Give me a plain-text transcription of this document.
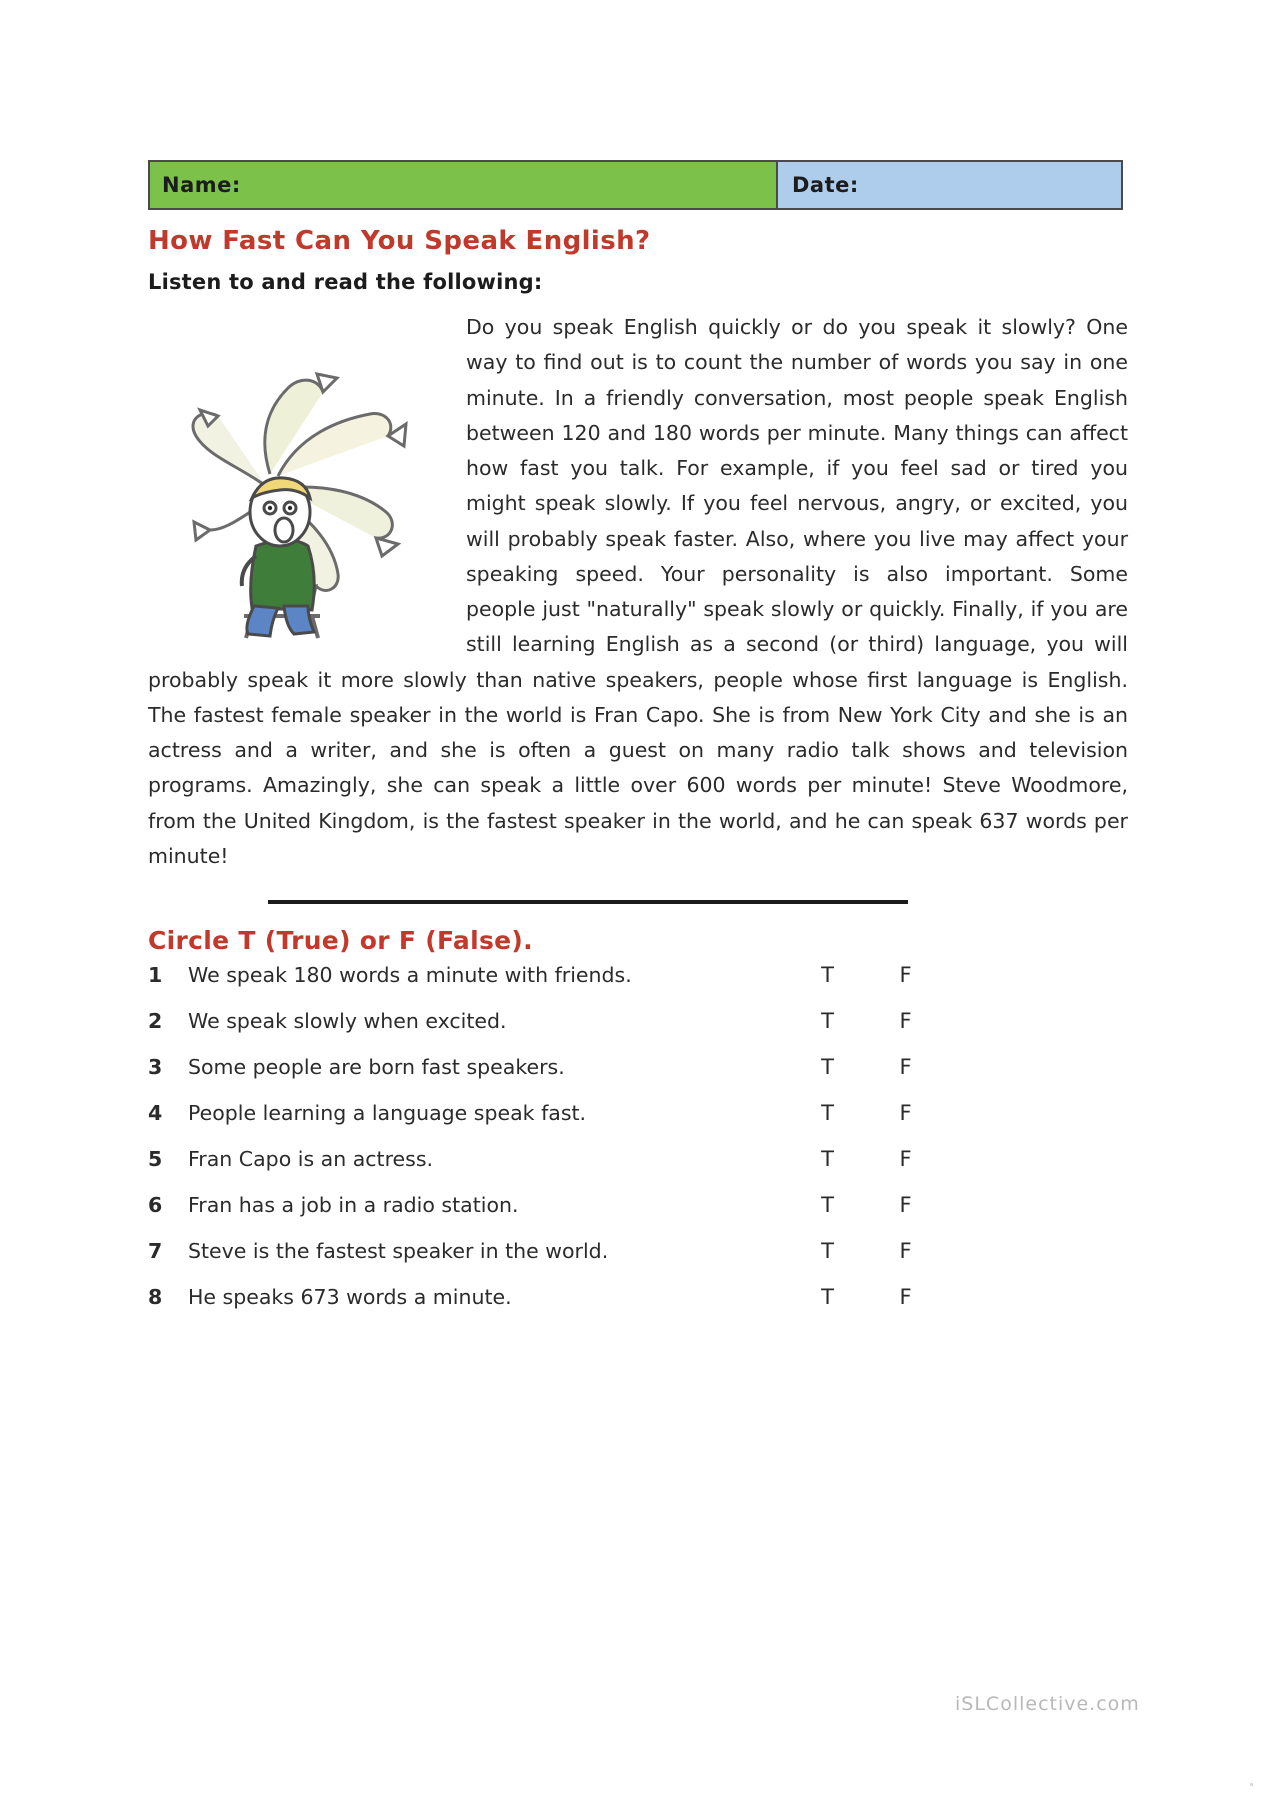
Name:	Date:
How Fast Can You Speak English?
Listen to and read the following:

Do you speak English quickly or do you speak it slowly? One way to find out is to count the number of words you say in one minute. In a friendly conversation, most people speak English between 120 and 180 words per minute. Many things can affect how fast you talk. For example, if you feel sad or tired you might speak slowly. If you feel nervous, angry, or excited, you will probably speak faster. Also, where you live may affect your speaking speed. Your personality is also important. Some people just "naturally" speak slowly or quickly. Finally, if you are still learning English as a second (or third) language, you will probably speak it more slowly than native speakers, people whose first language is English. The fastest female speaker in the world is Fran Capo. She is from New York City and she is an actress and a writer, and she is often a guest on many radio talk shows and television programs. Amazingly, she can speak a little over 600 words per minute! Steve Woodmore, from the United Kingdom, is the fastest speaker in the world, and he can speak 637 words per minute!

Circle T (True) or F (False).
1	We speak 180 words a minute with friends.	T	F
2	We speak slowly when excited.	T	F
3	Some people are born fast speakers.	T	F
4	People learning a language speak fast.	T	F
5	Fran Capo is an actress.	T	F
6	Fran has a job in a radio station.	T	F
7	Steve is the fastest speaker in the world.	T	F
8	He speaks 673 words a minute.	T	F
iSLCollective.com
